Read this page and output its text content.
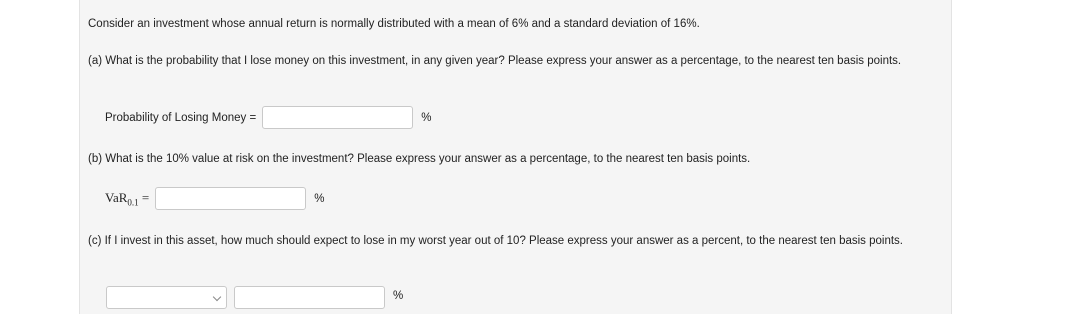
Consider an investment whose annual return is normally distributed with a mean of 6% and a standard deviation of 16%.
(a) What is the probability that I lose money on this investment, in any given year? Please express your answer as a percentage, to the nearest ten basis points.
Probability of Losing Money =	%
(b) What is the 10% value at risk on the investment? Please express your answer as a percentage, to the nearest ten basis points.
VaR$_{0.1}$ =	%
(c) If I invest in this asset, how much should expect to lose in my worst year out of 10? Please express your answer as a percent, to the nearest ten basis points.
%
